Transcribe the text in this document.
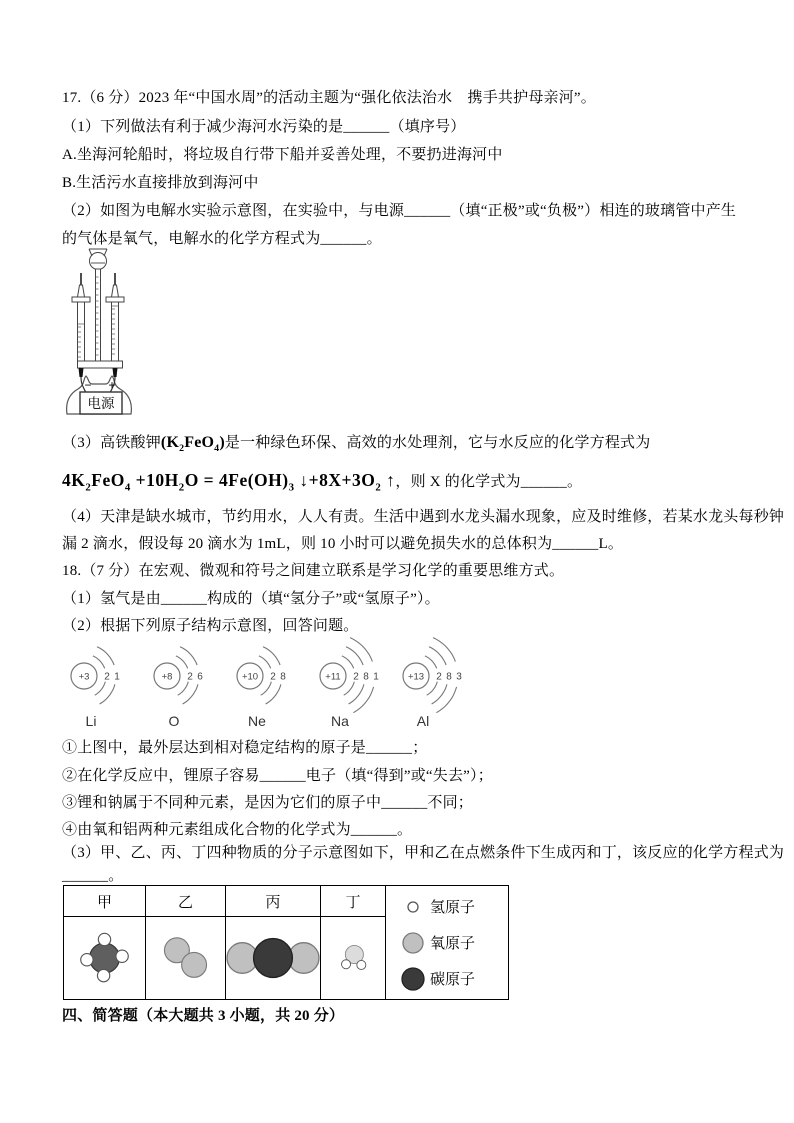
17.（6 分）2023 年“中国水周”的活动主题为“强化依法治水　携手共护母亲河”。
（1）下列做法有利于减少海河水污染的是______（填序号）
A.坐海河轮船时，将垃圾自行带下船并妥善处理，不要扔进海河中
B.生活污水直接排放到海河中
（2）如图为电解水实验示意图，在实验中，与电源______（填“正极”或“负极”）相连的玻璃管中产生
的气体是氧气，电解水的化学方程式为______。
− +
电源
（3）高铁酸钾$(K_2FeO_4)$是一种绿色环保、高效的水处理剂，它与水反应的化学方程式为
$4K_2FeO_4 +10H_2O = 4Fe(OH)_3$ $↓+8X+3O_2$ ↑，则 X 的化学式为______。
（4）天津是缺水城市，节约用水，人人有责。生活中遇到水龙头漏水现象，应及时维修，若某水龙头每秒钟
漏 2 滴水，假设每 20 滴水为 1mL，则 10 小时可以避免损失水的总体积为______L。
18.（7 分）在宏观、微观和符号之间建立联系是学习化学的重要思维方式。
（1）氢气是由______构成的（填“氢分子”或“氢原子”）。
（2）根据下列原子结构示意图，回答问题。
+3 2 1
Li
+8 2 6
O
+10 2 8
Ne
+11 2 8 1
Na
+13 2 8 3
Al
①上图中，最外层达到相对稳定结构的原子是______；
②在化学反应中，锂原子容易______电子（填“得到”或“失去”）；
③锂和钠属于不同种元素，是因为它们的原子中______不同；
④由氧和铝两种元素组成化合物的化学式为______。
（3）甲、乙、丙、丁四种物质的分子示意图如下，甲和乙在点燃条件下生成丙和丁，该反应的化学方程式为
______。
甲	乙	丙	丁	氢原子
氧原子
碳原子

四、简答题（本大题共 3 小题，共 20 分）
